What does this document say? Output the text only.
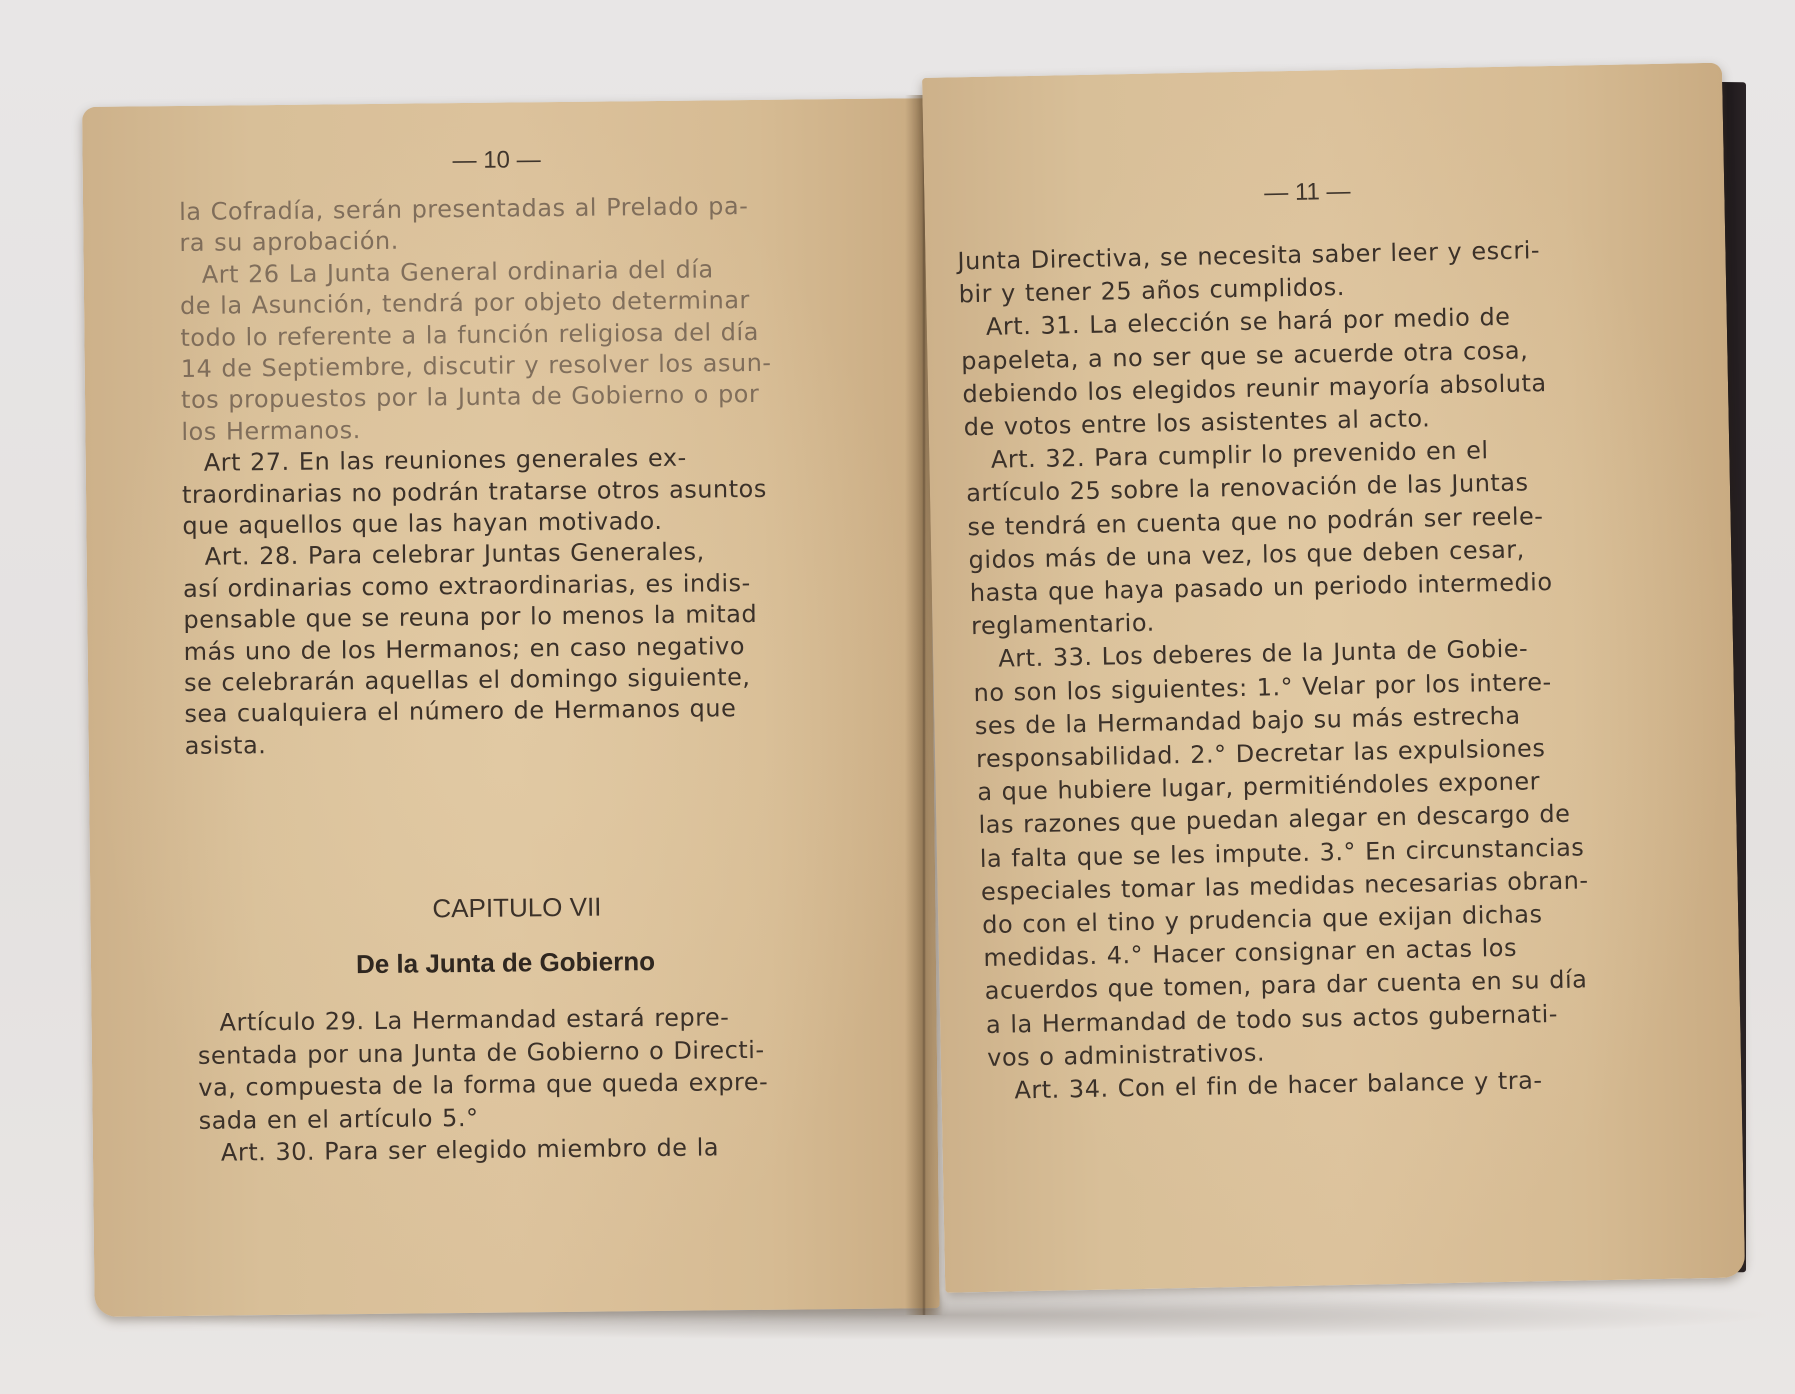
— 10 —
la Cofradía, serán presentadas al Prelado pa-
ra su aprobación.
Art 26 La Junta General ordinaria del día
de la Asunción, tendrá por objeto determinar
todo lo referente a la función religiosa del día
14 de Septiembre, discutir y resolver los asun-
tos propuestos por la Junta de Gobierno o por
los Hermanos.
Art 27. En las reuniones generales ex-
traordinarias no podrán tratarse otros asuntos
que aquellos que las hayan motivado.
Art. 28. Para celebrar Juntas Generales,
así ordinarias como extraordinarias, es indis-
pensable que se reuna por lo menos la mitad
más uno de los Hermanos; en caso negativo
se celebrarán aquellas el domingo siguiente,
sea cualquiera el número de Hermanos que
asista.
CAPITULO VII
De la Junta de Gobierno
Artículo 29. La Hermandad estará repre-
sentada por una Junta de Gobierno o Directi-
va, compuesta de la forma que queda expre-
sada en el artículo 5.°
Art. 30. Para ser elegido miembro de la
— 11 —
Junta Directiva, se necesita saber leer y escri-
bir y tener 25 años cumplidos.
Art. 31. La elección se hará por medio de
papeleta, a no ser que se acuerde otra cosa,
debiendo los elegidos reunir mayoría absoluta
de votos entre los asistentes al acto.
Art. 32. Para cumplir lo prevenido en el
artículo 25 sobre la renovación de las Juntas
se tendrá en cuenta que no podrán ser reele-
gidos más de una vez, los que deben cesar,
hasta que haya pasado un periodo intermedio
reglamentario.
Art. 33. Los deberes de la Junta de Gobie-
no son los siguientes: 1.° Velar por los intere-
ses de la Hermandad bajo su más estrecha
responsabilidad. 2.° Decretar las expulsiones
a que hubiere lugar, permitiéndoles exponer
las razones que puedan alegar en descargo de
la falta que se les impute. 3.° En circunstancias
especiales tomar las medidas necesarias obran-
do con el tino y prudencia que exijan dichas
medidas. 4.° Hacer consignar en actas los
acuerdos que tomen, para dar cuenta en su día
a la Hermandad de todo sus actos gubernati-
vos o administrativos.
Art. 34. Con el fin de hacer balance y tra-
